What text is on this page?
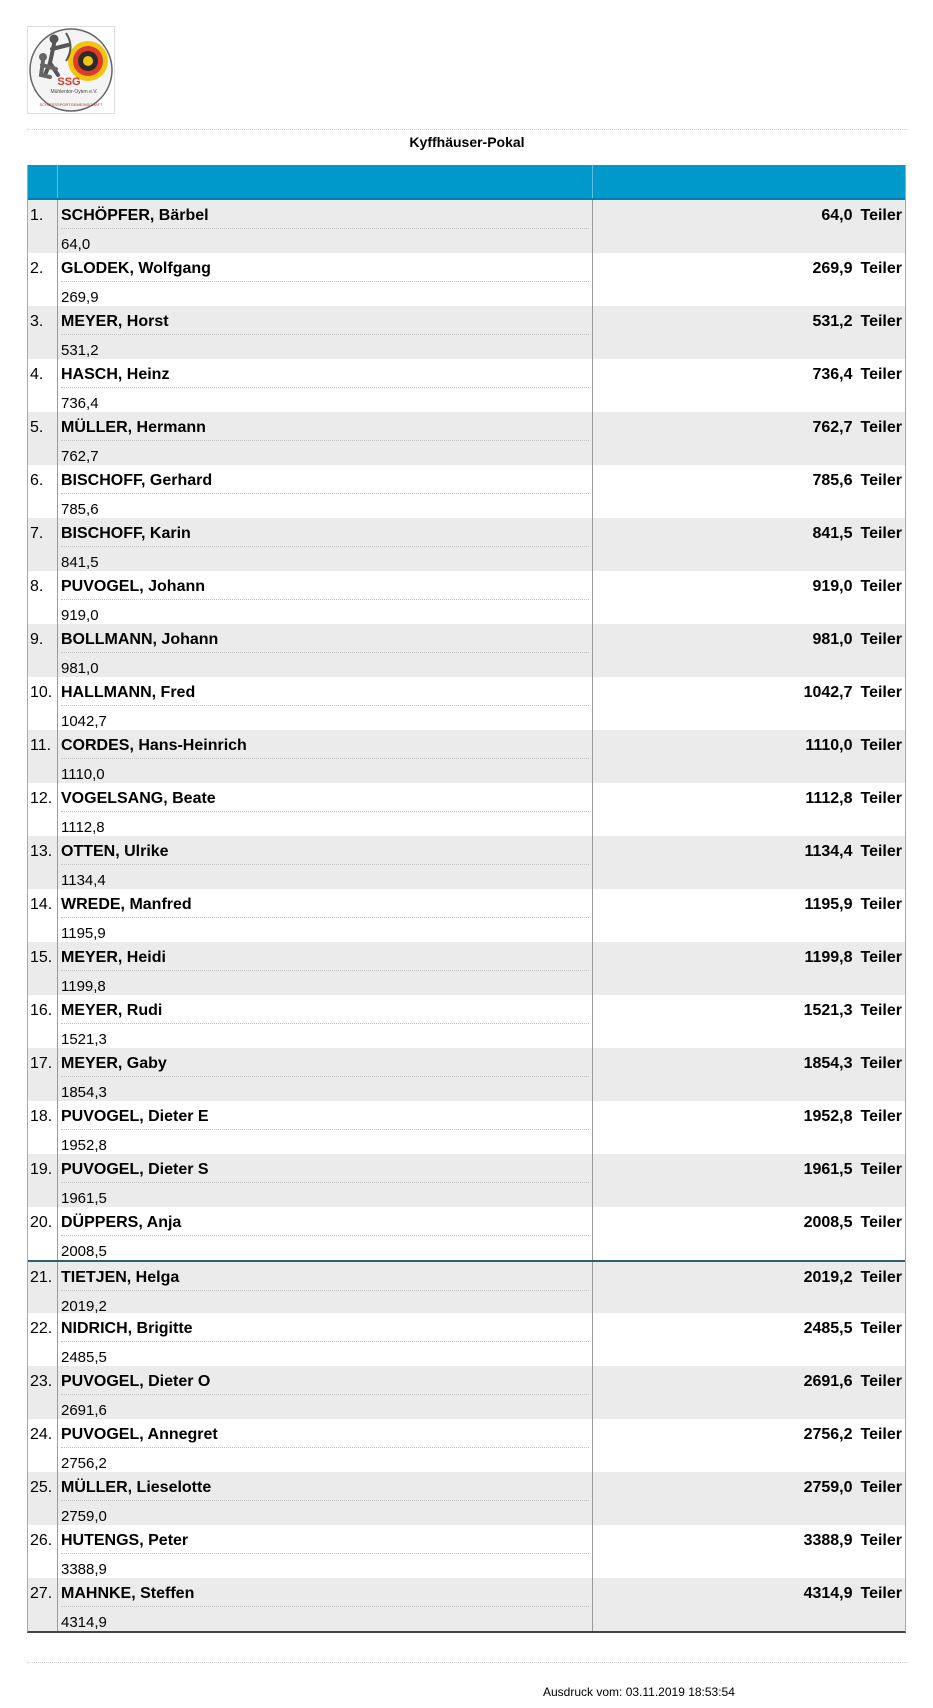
SSG
Mühlentor-Oyten e.V.
SCHIESSSPORTGEMEINSCHAFT
Kyffhäuser-Pokal
1.	SCHÖPFER, Bärbel
64,0
64,0 Teiler
2.	GLODEK, Wolfgang
269,9
269,9 Teiler
3.	MEYER, Horst
531,2
531,2 Teiler
4.	HASCH, Heinz
736,4
736,4 Teiler
5.	MÜLLER, Hermann
762,7
762,7 Teiler
6.	BISCHOFF, Gerhard
785,6
785,6 Teiler
7.	BISCHOFF, Karin
841,5
841,5 Teiler
8.	PUVOGEL, Johann
919,0
919,0 Teiler
9.	BOLLMANN, Johann
981,0
981,0 Teiler
10. HALLMANN, Fred
1042,7
1042,7 Teiler
11. CORDES, Hans-Heinrich
1110,0
1110,0 Teiler
12. VOGELSANG, Beate
1112,8
1112,8 Teiler
13. OTTEN, Ulrike
1134,4
1134,4 Teiler
14. WREDE, Manfred
1195,9
1195,9 Teiler
15. MEYER, Heidi
1199,8
1199,8 Teiler
16. MEYER, Rudi
1521,3
1521,3 Teiler
17. MEYER, Gaby
1854,3
1854,3 Teiler
18. PUVOGEL, Dieter E
1952,8
1952,8 Teiler
19. PUVOGEL, Dieter S
1961,5
1961,5 Teiler
20. DÜPPERS, Anja
2008,5
2008,5 Teiler
21. TIETJEN, Helga
2019,2
2019,2 Teiler
22. NIDRICH, Brigitte
2485,5
2485,5 Teiler
23. PUVOGEL, Dieter O
2691,6
2691,6 Teiler
24. PUVOGEL, Annegret
2756,2
2756,2 Teiler
25. MÜLLER, Lieselotte
2759,0
2759,0 Teiler
26. HUTENGS, Peter
3388,9
3388,9 Teiler
27. MAHNKE, Steffen
4314,9
4314,9 Teiler
Ausdruck vom: 03.11.2019 18:53:54
